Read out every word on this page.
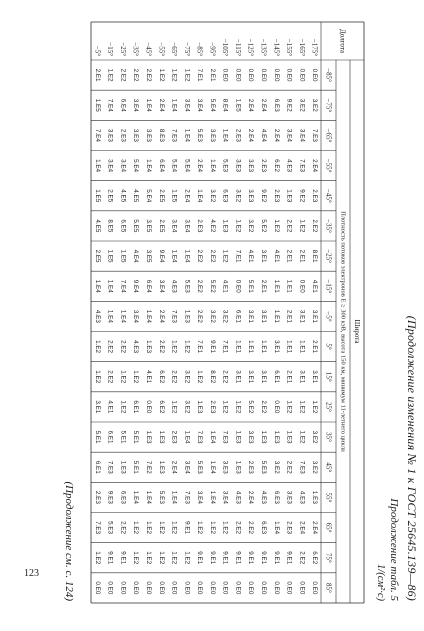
(Продолжение изменения № 1 к ГОСТ 25645.139—86)
Продолжение табл. 5
1/(см²·с)
Долгота
Широта
Плотность потоков электронов E ≥ 300 кэВ, высота 150 км, минимум 11-летнего цикла
−85°
−75°
−65°
−55°
−45°
−35°
−25°
−15°
−5°
5°
15°
25°
35°
45°
55°
65°
75°
85°
−175°
0.E0
3.E2
7.E3
2.E4
2.E3
2.E2
8.E1
4.E1
3.E1
2.E1
3.E1
1.E2
3.E2
3.E2
1.E3
2.E4
6.E2
0.E0
−165°
0.E0
3.E2
3.E4
7.E3
9.E2
1.E2
2.E1
0.E0
3.E1
1.E1
3.E1
1.E2
1.E2
7.E3
4.E3
2.E4
2.E2
0.E0
−155°
0.E0
9.E2
3.E4
4.E3
1.E3
2.E2
2.E1
1.E1
2.E1
1.E1
2.E1
1.E2
1.E3
2.E2
3.E3
2.E3
9.E1
0.E0
−145°
0.E0
6.E3
2.E4
6.E2
2.E3
1.E2
4.E1
1.E1
1.E1
3.E1
6.E1
0.E0
1.E3
3.E2
6.E3
1.E4
9.E1
0.E0
−135°
0.E0
2.E4
4.E4
2.E3
9.E2
5.E2
3.E1
2.E1
3.E1
1.E1
3.E1
2.E2
1.E3
5.E3
4.E3
6.E3
9.E1
0.E0
−125°
0.E0
2.E4
2.E4
3.E3
3.E3
3.E2
4.E1
5.E1
3.E1
1.E1
3.E1
5.E2
3.E3
2.E3
2.E4
2.E2
9.E1
0.E0
−115°
0.E0
1.E5
2.E3
3.E3
3.E2
1.E2
7.E1
0.E0
6.E1
1.E1
3.E1
1.E2
1.E3
1.E3
4.E3
2.E2
9.E1
0.E0
−105°
0.E0
8.E4
1.E4
5.E3
6.E3
1.E3
1.E2
4.E1
3.E2
7.E1
2.E2
1.E2
7.E3
3.E3
3.E4
1.E2
9.E1
0.E0
−95°
2.E1
5.E4
3.E3
1.E4
3.E2
4.E2
2.E2
5.E2
3.E2
9.E1
8.E2
2.E3
1.E4
1.E4
1.E4
1.E2
9.E1
0.E0
−85°
7.E1
3.E4
5.E3
2.E4
1.E4
2.E3
2.E2
2.E2
2.E2
7.E1
1.E2
1.E3
7.E3
5.E3
3.E4
1.E2
9.E1
0.E0
−75°
1.E2
3.E4
1.E4
5.E4
2.E4
3.E4
1.E4
5.E3
1.E3
1.E2
3.E2
3.E2
1.E4
3.E4
7.E3
9.E1
1.E2
0.E0
−65°
1.E2
1.E4
7.E3
5.E4
1.E5
3.E4
1.E4
4.E3
7.E3
1.E2
2.E2
1.E2
2.E3
2.E4
1.E4
1.E2
1.E2
0.E0
−55°
1.E2
2.E4
8.E3
6.E4
2.E5
2.E5
9.E4
3.E4
2.E4
2.E2
6.E2
6.E2
1.E3
1.E3
5.E3
1.E2
1.E2
0.E0
−45°
2.E2
1.E4
3.E3
1.E4
5.E4
3.E5
3.E5
6.E4
1.E4
1.E3
4.E1
0.E0
1.E3
7.E2
1.E4
1.E2
1.E2
0.E0
−35°
2.E2
3.E4
3.E3
5.E4
4.E5
5.E5
4.E4
9.E4
3.E4
4.E3
1.E2
6.E1
5.E1
5.E1
1.E4
1.E2
1.E2
0.E0
−25°
2.E2
6.E4
2.E3
3.E4
4.E5
6.E5
1.E5
7.E4
1.E4
2.E2
1.E2
1.E2
5.E1
1.E3
6.E3
2.E2
9.E1
0.E0
−15°
1.E2
7.E4
3.E3
3.E4
2.E5
8.E5
1.E5
1.E4
1.E4
2.E2
2.E2
4.E1
6.E1
7.E3
9.E3
5.E3
9.E1
0.E0
−5°
2.E1
1.E5
7.E4
1.E4
1.E5
4.E5
2.E5
1.E4
4.E3
1.E2
1.E2
3.E1
5.E1
6.E1
2.E3
7.E3
1.E2
0.E0
(Продолжение см. с. 124)
123
